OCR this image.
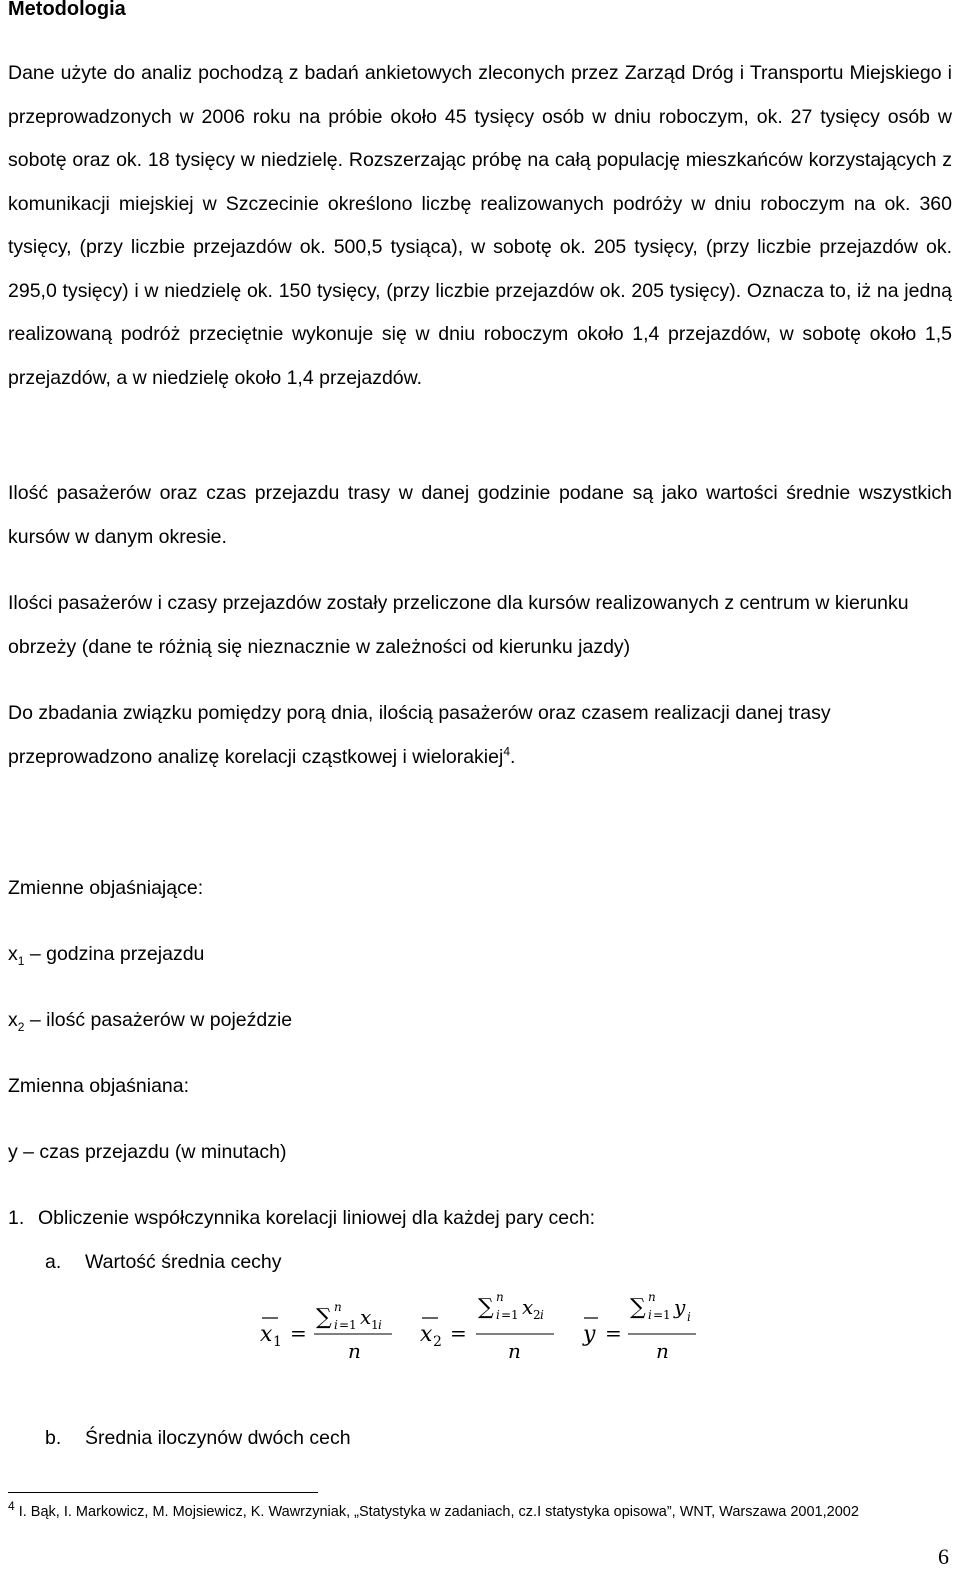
Metodologia

Dane użyte do analiz pochodzą z badań ankietowych zleconych przez Zarząd Dróg i Transportu Miejskiego i przeprowadzonych w 2006 roku na próbie około 45 tysięcy osób w dniu roboczym, ok. 27 tysięcy osób w sobotę oraz ok. 18 tysięcy w niedzielę. Rozszerzając próbę na całą populację mieszkańców korzystających z komunikacji miejskiej w Szczecinie określono liczbę realizowanych podróży w dniu roboczym na ok. 360 tysięcy, (przy liczbie przejazdów ok. 500,5 tysiąca), w sobotę ok. 205 tysięcy, (przy liczbie przejazdów ok. 295,0 tysięcy) i w niedzielę ok. 150 tysięcy, (przy liczbie przejazdów ok. 205 tysięcy). Oznacza to, iż na jedną realizowaną podróż przeciętnie wykonuje się w dniu roboczym około 1,4 przejazdów, w sobotę około 1,5 przejazdów, a w niedzielę około 1,4 przejazdów.

Ilość pasażerów oraz czas przejazdu trasy w danej godzinie podane są jako wartości średnie wszystkich kursów w danym okresie.

Ilości pasażerów i czasy przejazdów zostały przeliczone dla kursów realizowanych z centrum w kierunku obrzeży (dane te różnią się nieznacznie w zależności od kierunku jazdy)

Do zbadania związku pomiędzy porą dnia, ilością pasażerów oraz czasem realizacji danej trasy przeprowadzono analizę korelacji cząstkowej i wielorakiej$^4$.

Zmienne objaśniające:
$x_1$ – godzina przejazdu
$x_2$ – ilość pasażerów w pojeździe
Zmienna objaśniana:
y – czas przejazdu (w minutach)
1. Obliczenie współczynnika korelacji liniowej dla każdej pary cech:
a. Wartość średnia cechy
x 1 =
∑ n
i =1 x 1 i
n
x 2 =
∑ n
i =1 x 2 i
n
y =
∑ n
i =1 y i
n
b. Średnia iloczynów dwóch cech
$^4$ I. Bąk, I. Markowicz, M. Mojsiewicz, K. Wawrzyniak, „Statystyka w zadaniach, cz.I statystyka opisowa”, WNT, Warszawa 2001,2002
6
